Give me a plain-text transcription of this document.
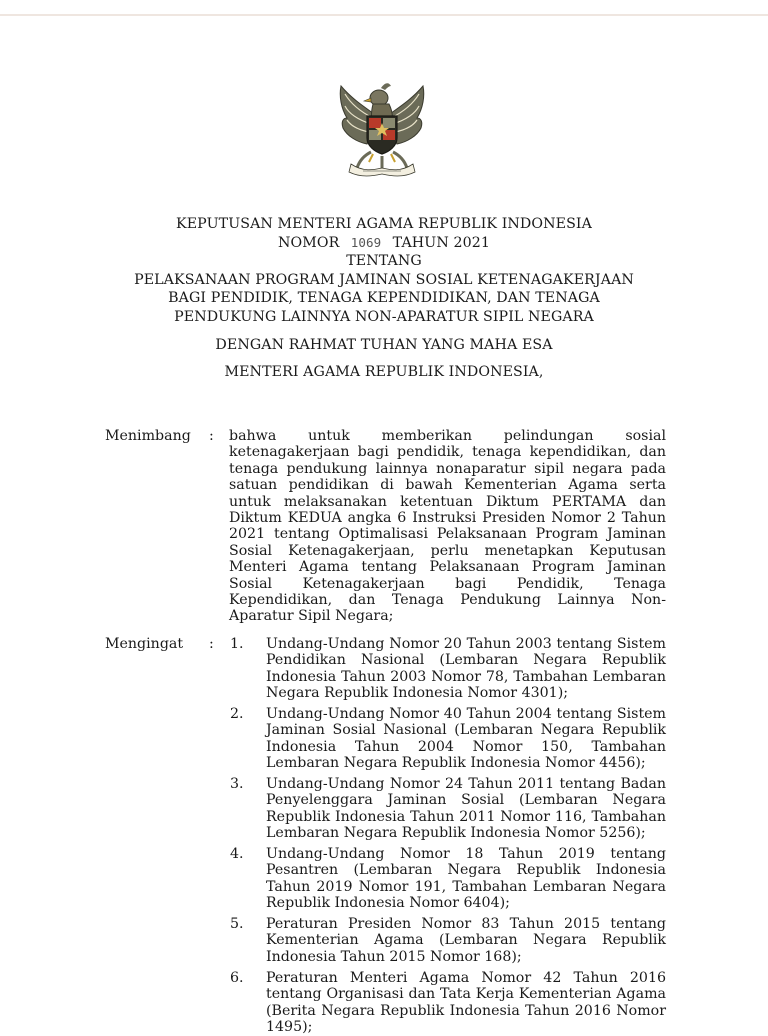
KEPUTUSAN MENTERI AGAMA REPUBLIK INDONESIA
NOMOR 1069 TAHUN 2021
TENTANG
PELAKSANAAN PROGRAM JAMINAN SOSIAL KETENAGAKERJAAN
BAGI PENDIDIK, TENAGA KEPENDIDIKAN, DAN TENAGA
PENDUKUNG LAINNYA NON-APARATUR SIPIL NEGARA
DENGAN RAHMAT TUHAN YANG MAHA ESA
MENTERI AGAMA REPUBLIK INDONESIA,
Menimbang : bahwa untuk memberikan pelindungan sosial ketenagakerjaan bagi pendidik, tenaga kependidikan, dan tenaga pendukung lainnya nonaparatur sipil negara pada satuan pendidikan di bawah Kementerian Agama serta untuk melaksanakan ketentuan Diktum PERTAMA dan Diktum KEDUA angka 6 Instruksi Presiden Nomor 2 Tahun 2021 tentang Optimalisasi Pelaksanaan Program Jaminan Sosial Ketenagakerjaan, perlu menetapkan Keputusan Menteri Agama tentang Pelaksanaan Program Jaminan Sosial Ketenagakerjaan bagi Pendidik, Tenaga Kependidikan, dan Tenaga Pendukung Lainnya Non-Aparatur Sipil Negara;
Mengingat : 1. Undang-Undang Nomor 20 Tahun 2003 tentang Sistem Pendidikan Nasional (Lembaran Negara Republik Indonesia Tahun 2003 Nomor 78, Tambahan Lembaran Negara Republik Indonesia Nomor 4301);
2. Undang-Undang Nomor 40 Tahun 2004 tentang Sistem Jaminan Sosial Nasional (Lembaran Negara Republik Indonesia Tahun 2004 Nomor 150, Tambahan Lembaran Negara Republik Indonesia Nomor 4456);
3. Undang-Undang Nomor 24 Tahun 2011 tentang Badan Penyelenggara Jaminan Sosial (Lembaran Negara Republik Indonesia Tahun 2011 Nomor 116, Tambahan Lembaran Negara Republik Indonesia Nomor 5256);
4. Undang-Undang Nomor 18 Tahun 2019 tentang Pesantren (Lembaran Negara Republik Indonesia Tahun 2019 Nomor 191, Tambahan Lembaran Negara Republik Indonesia Nomor 6404);
5. Peraturan Presiden Nomor 83 Tahun 2015 tentang Kementerian Agama (Lembaran Negara Republik Indonesia Tahun 2015 Nomor 168);
6. Peraturan Menteri Agama Nomor 42 Tahun 2016 tentang Organisasi dan Tata Kerja Kementerian Agama (Berita Negara Republik Indonesia Tahun 2016 Nomor 1495);
